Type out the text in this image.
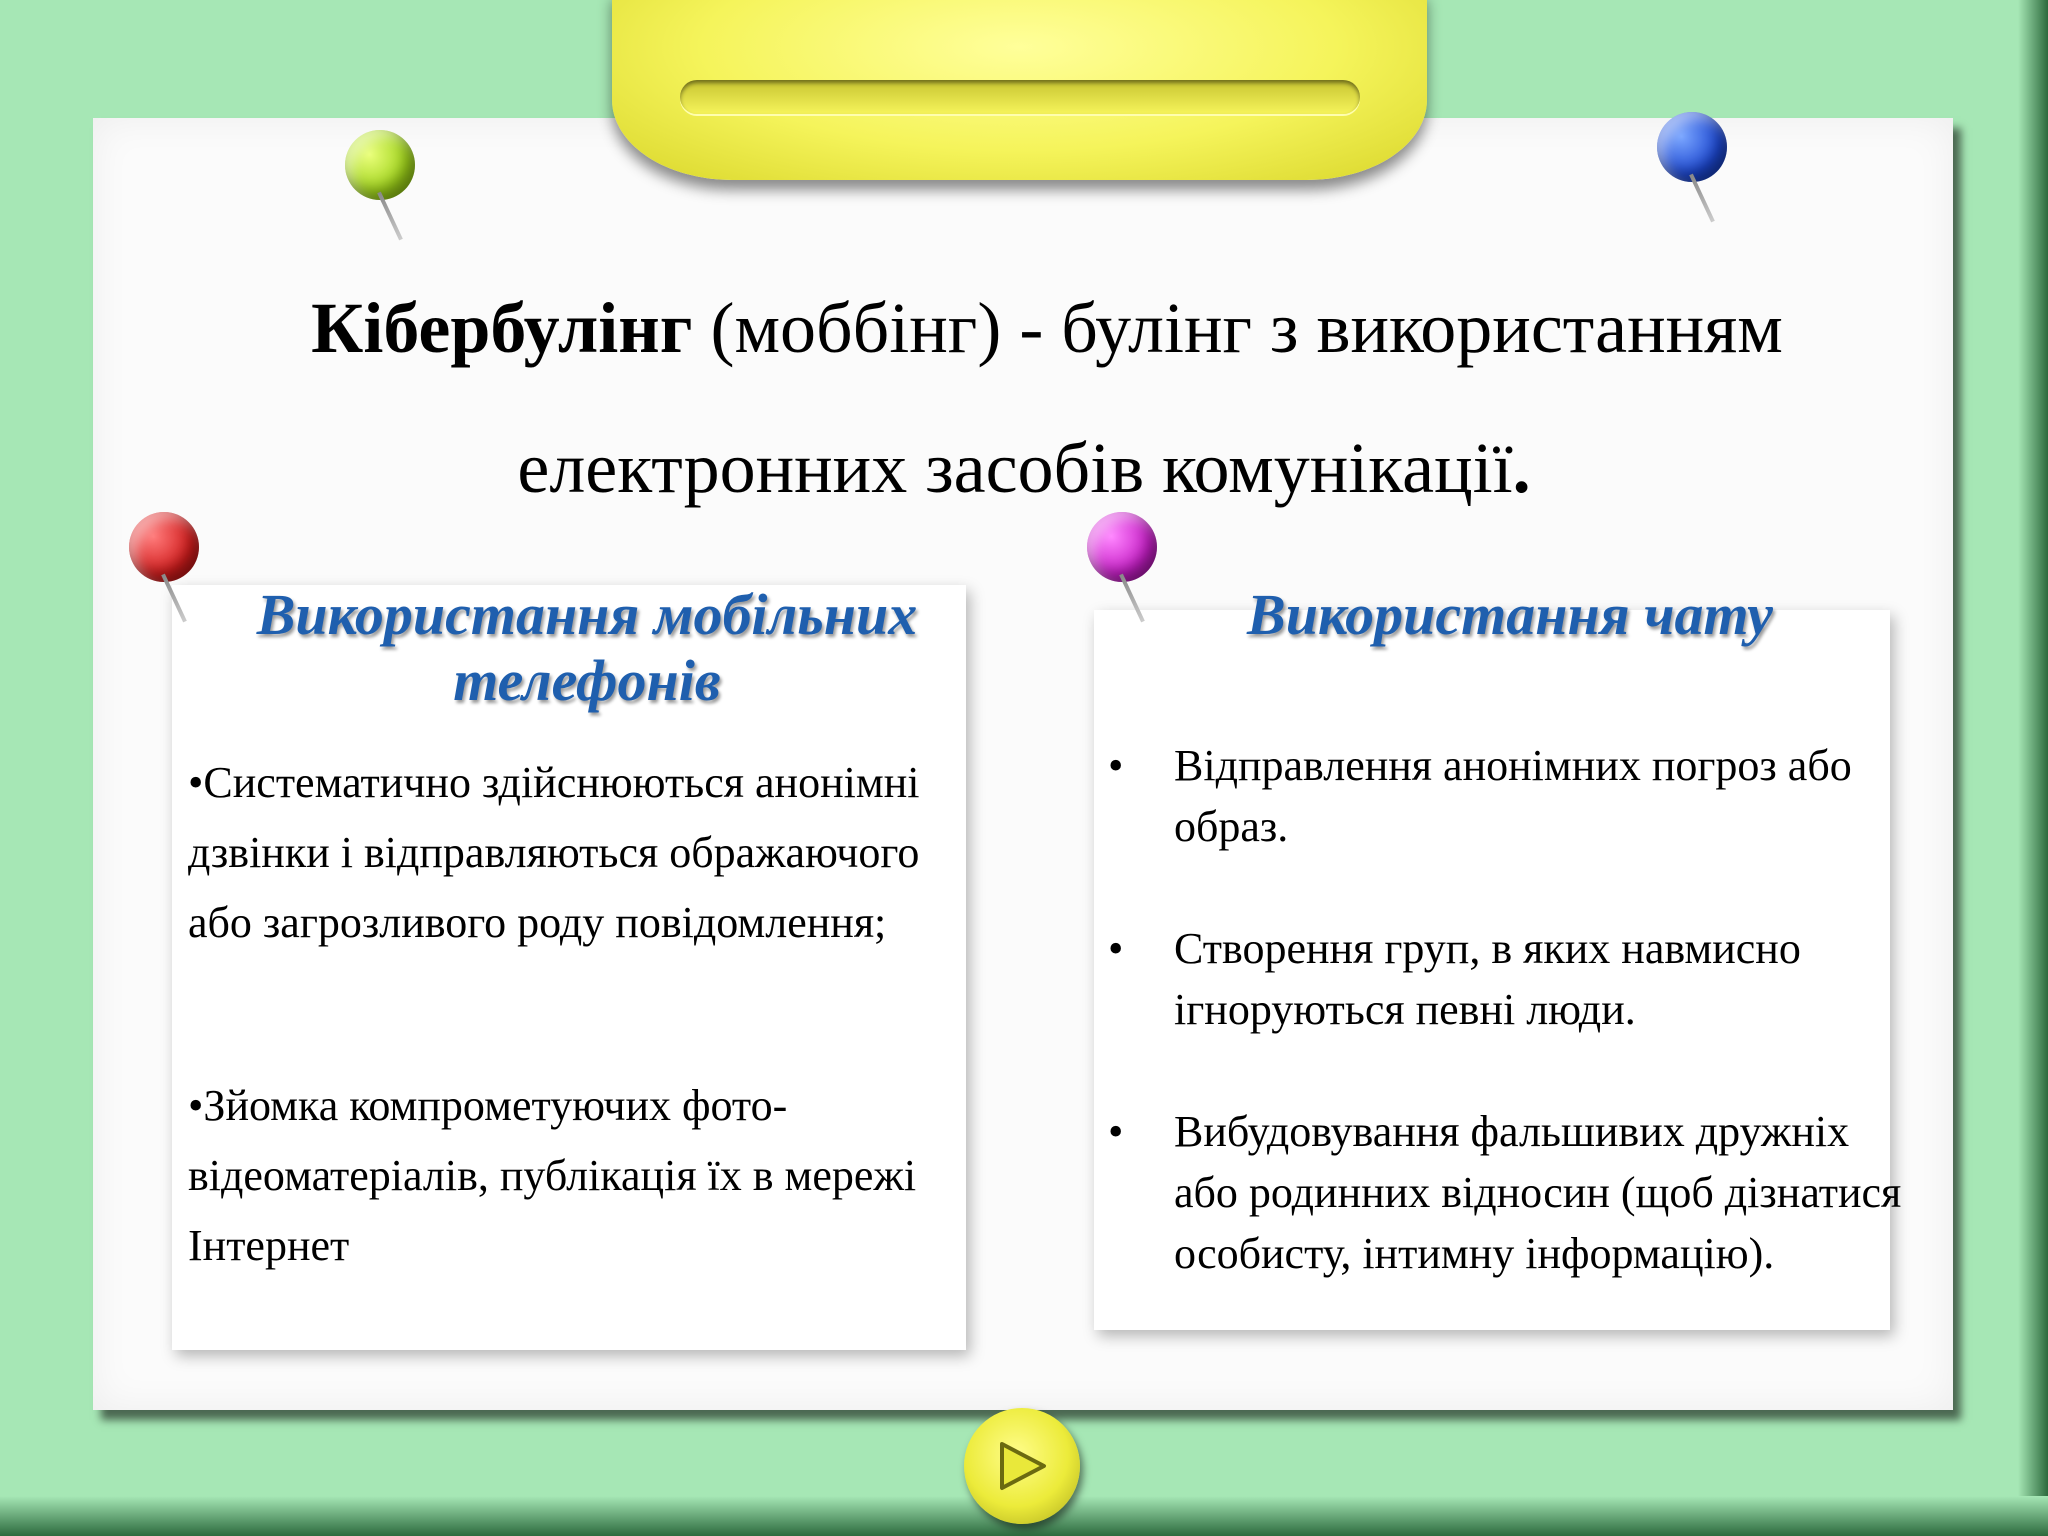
Кібербулінг (моббінг) - булінг з використанням
електронних засобів комунікації.
Використання мобільних
телефонів
•Систематично здійснюються анонімні дзвінки і відправляються ображаючого або загрозливого роду повідомлення;
•Зйомка компрометуючих фото-відеоматеріалів, публікація їх в мережі Інтернет
Використання чату
• Відправлення анонімних погроз або образ.
• Створення груп, в яких навмисно ігноруються певні люди.
• Вибудовування фальшивих дружніх або родинних відносин (щоб дізнатися особисту, інтимну інформацію).
